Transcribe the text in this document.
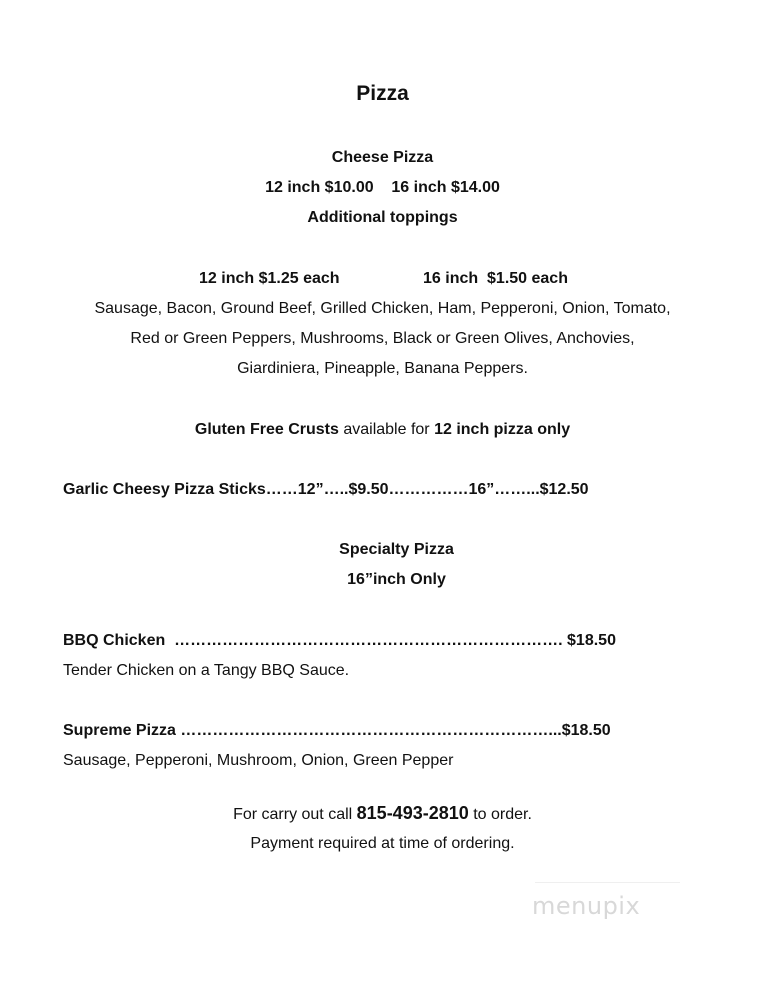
Pizza
Cheese Pizza
12 inch $10.00    16 inch $14.00
Additional toppings
12 inch $1.25 each	16 inch  $1.50 each
Sausage, Bacon, Ground Beef, Grilled Chicken, Ham, Pepperoni, Onion, Tomato,
Red or Green Peppers, Mushrooms, Black or Green Olives, Anchovies,
Giardiniera, Pineapple, Banana Peppers.
Gluten Free Crusts available for 12 inch pizza only
Garlic Cheesy Pizza Sticks……12”…..$9.50……………16”……...$12.50
Specialty Pizza
16”inch Only
BBQ Chicken  ………………………………………………………………. $18.50
Tender Chicken on a Tangy BBQ Sauce.
Supreme Pizza ……………………………………………………………...$18.50
Sausage, Pepperoni, Mushroom, Onion, Green Pepper
For carry out call 815-493-2810 to order.
Payment required at time of ordering.
menupix
